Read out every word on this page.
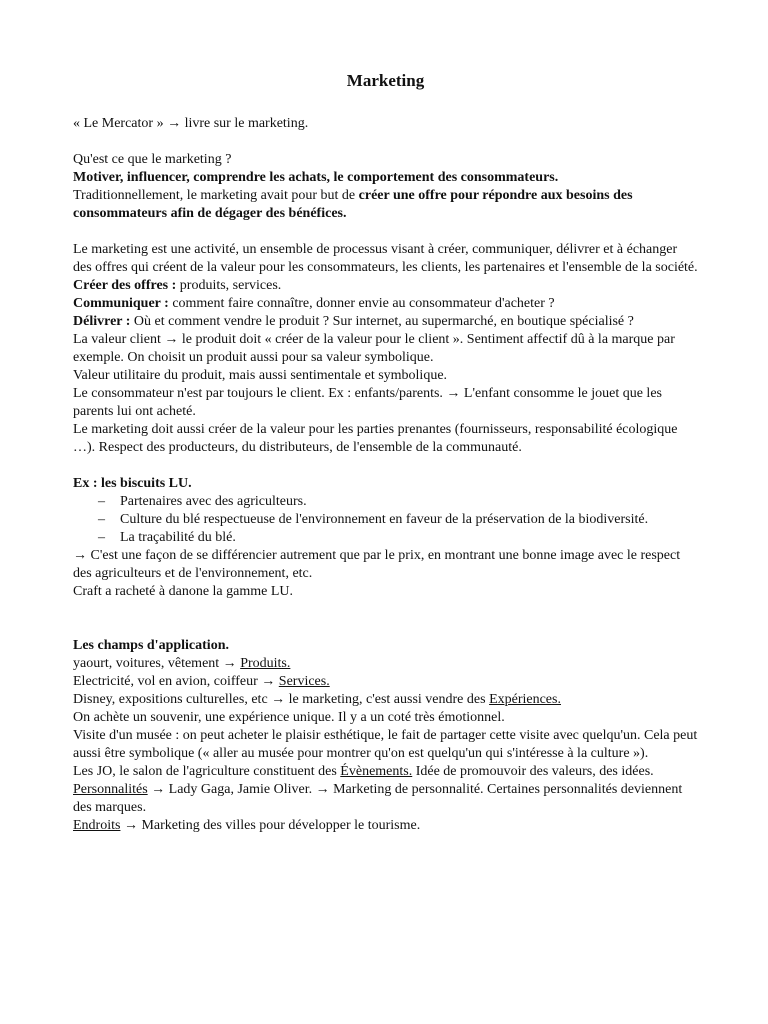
Marketing

« Le Mercator » → livre sur le marketing.

Qu'est ce que le marketing ?

Motiver, influencer, comprendre les achats, le comportement des consommateurs.

Traditionnellement, le marketing avait pour but de créer une offre pour répondre aux besoins des consommateurs afin de dégager des bénéfices.

Le marketing est une activité, un ensemble de processus visant à créer, communiquer, délivrer et à échanger des offres qui créent de la valeur pour les consommateurs, les clients, les partenaires et l'ensemble de la société.

Créer des offres : produits, services.

Communiquer : comment faire connaître, donner envie au consommateur d'acheter ?

Délivrer : Où et comment vendre le produit ? Sur internet, au supermarché, en boutique spécialisé ?

La valeur client → le produit doit « créer de la valeur pour le client ». Sentiment affectif dû à la marque par exemple. On choisit un produit aussi pour sa valeur symbolique.

Valeur utilitaire du produit, mais aussi sentimentale et symbolique.

Le consommateur n'est par toujours le client. Ex : enfants/parents. → L'enfant consomme le jouet que les parents lui ont acheté.

Le marketing doit aussi créer de la valeur pour les parties prenantes (fournisseurs, responsabilité écologique …). Respect des producteurs, du distributeurs, de l'ensemble de la communauté.

Ex : les biscuits LU.

– Partenaires avec des agriculteurs.
– Culture du blé respectueuse de l'environnement en faveur de la préservation de la biodiversité.
– La traçabilité du blé.

→ C'est une façon de se différencier autrement que par le prix, en montrant une bonne image avec le respect des agriculteurs et de l'environnement, etc.

Craft a racheté à danone la gamme LU.

Les champs d'application.

yaourt, voitures, vêtement → Produits.

Electricité, vol en avion, coiffeur → Services.

Disney, expositions culturelles, etc → le marketing, c'est aussi vendre des Expériences.

On achète un souvenir, une expérience unique. Il y a un coté très émotionnel.

Visite d'un musée : on peut acheter le plaisir esthétique, le fait de partager cette visite avec quelqu'un. Cela peut aussi être symbolique (« aller au musée pour montrer qu'on est quelqu'un qui s'intéresse à la culture »).

Les JO, le salon de l'agriculture constituent des Évènements. Idée de promouvoir des valeurs, des idées.

Personnalités → Lady Gaga, Jamie Oliver. → Marketing de personnalité. Certaines personnalités deviennent des marques.

Endroits → Marketing des villes pour développer le tourisme.
